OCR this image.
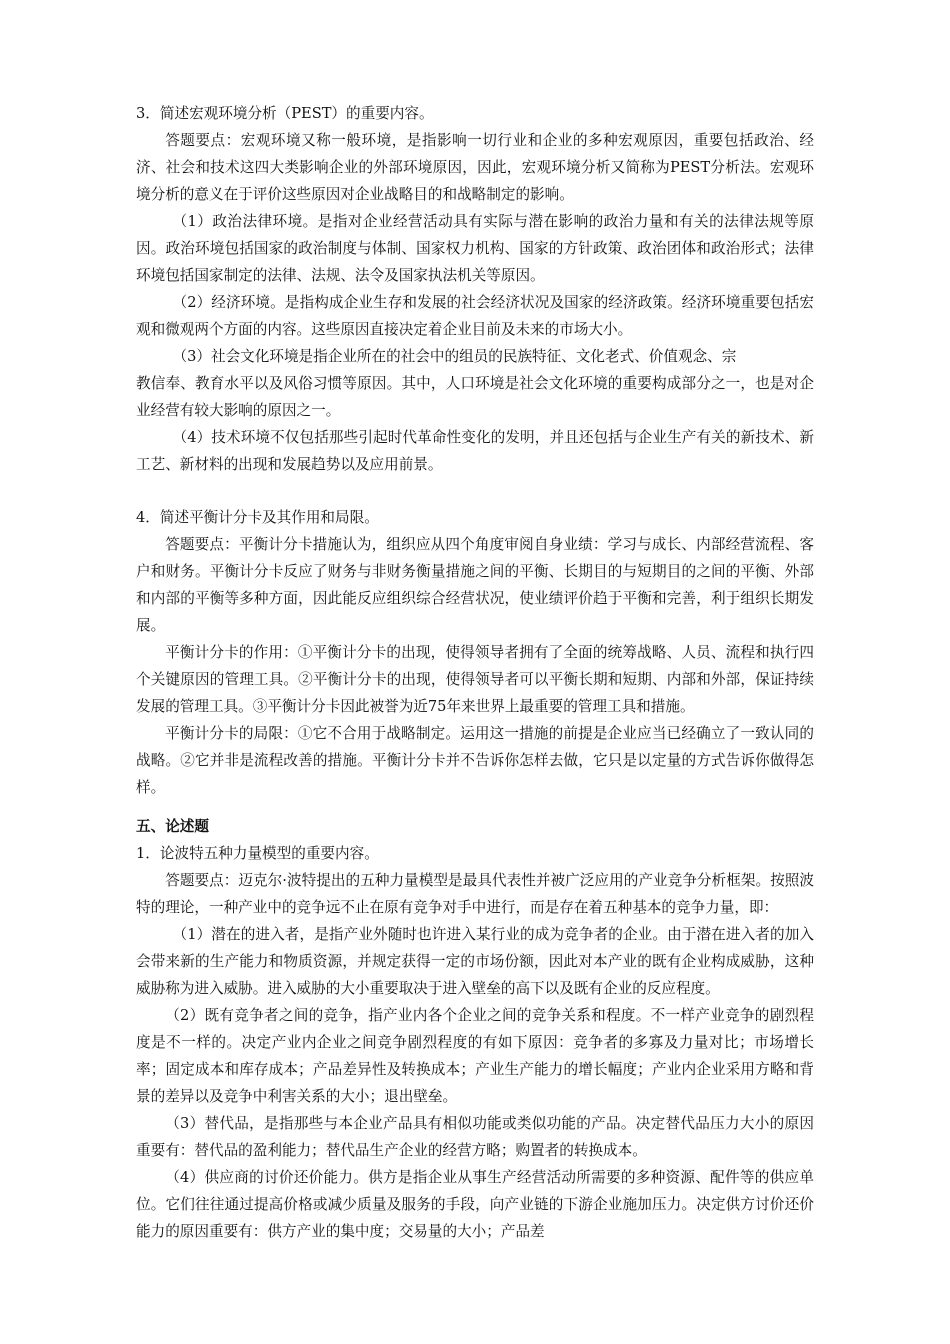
3．简述宏观环境分析（PEST）的重要内容。

答题要点：宏观环境又称一般环境，是指影响一切行业和企业的多种宏观原因，重要包括政治、经济、社会和技术这四大类影响企业的外部环境原因，因此，宏观环境分析又简称为PEST分析法。宏观环境分析的意义在于评价这些原因对企业战略目的和战略制定的影响。

（1）政治法律环境。是指对企业经营活动具有实际与潜在影响的政治力量和有关的法律法规等原因。政治环境包括国家的政治制度与体制、国家权力机构、国家的方针政策、政治团体和政治形式；法律环境包括国家制定的法律、法规、法令及国家执法机关等原因。

（2）经济环境。是指构成企业生存和发展的社会经济状况及国家的经济政策。经济环境重要包括宏观和微观两个方面的内容。这些原因直接决定着企业目前及未来的市场大小。

（3）社会文化环境是指企业所在的社会中的组员的民族特征、文化老式、价值观念、宗

教信奉、教育水平以及风俗习惯等原因。其中，人口环境是社会文化环境的重要构成部分之一，也是对企业经营有较大影响的原因之一。

（4）技术环境不仅包括那些引起时代革命性变化的发明，并且还包括与企业生产有关的新技术、新工艺、新材料的出现和发展趋势以及应用前景。

4．简述平衡计分卡及其作用和局限。

答题要点：平衡计分卡措施认为，组织应从四个角度审阅自身业绩：学习与成长、内部经营流程、客户和财务。平衡计分卡反应了财务与非财务衡量措施之间的平衡、长期目的与短期目的之间的平衡、外部和内部的平衡等多种方面，因此能反应组织综合经营状况，使业绩评价趋于平衡和完善，利于组织长期发展。

平衡计分卡的作用：①平衡计分卡的出现，使得领导者拥有了全面的统筹战略、人员、流程和执行四个关键原因的管理工具。②平衡计分卡的出现，使得领导者可以平衡长期和短期、内部和外部，保证持续发展的管理工具。③平衡计分卡因此被誉为近75年来世界上最重要的管理工具和措施。

平衡计分卡的局限：①它不合用于战略制定。运用这一措施的前提是企业应当已经确立了一致认同的战略。②它并非是流程改善的措施。平衡计分卡并不告诉你怎样去做，它只是以定量的方式告诉你做得怎样。

五、论述题

1．论波特五种力量模型的重要内容。

答题要点：迈克尔·波特提出的五种力量模型是最具代表性并被广泛应用的产业竞争分析框架。按照波特的理论，一种产业中的竞争远不止在原有竞争对手中进行，而是存在着五种基本的竞争力量，即：

（1）潜在的进入者，是指产业外随时也许进入某行业的成为竞争者的企业。由于潜在进入者的加入会带来新的生产能力和物质资源，并规定获得一定的市场份额，因此对本产业的既有企业构成威胁，这种威胁称为进入威胁。进入威胁的大小重要取决于进入壁垒的高下以及既有企业的反应程度。

（2）既有竞争者之间的竞争，指产业内各个企业之间的竞争关系和程度。不一样产业竞争的剧烈程度是不一样的。决定产业内企业之间竞争剧烈程度的有如下原因：竞争者的多寡及力量对比；市场增长率；固定成本和库存成本；产品差异性及转换成本；产业生产能力的增长幅度；产业内企业采用方略和背景的差异以及竞争中利害关系的大小；退出壁垒。

（3）替代品，是指那些与本企业产品具有相似功能或类似功能的产品。决定替代品压力大小的原因重要有：替代品的盈利能力；替代品生产企业的经营方略；购置者的转换成本。

（4）供应商的讨价还价能力。供方是指企业从事生产经营活动所需要的多种资源、配件等的供应单位。它们往往通过提高价格或减少质量及服务的手段，向产业链的下游企业施加压力。决定供方讨价还价能力的原因重要有：供方产业的集中度；交易量的大小；产品差
